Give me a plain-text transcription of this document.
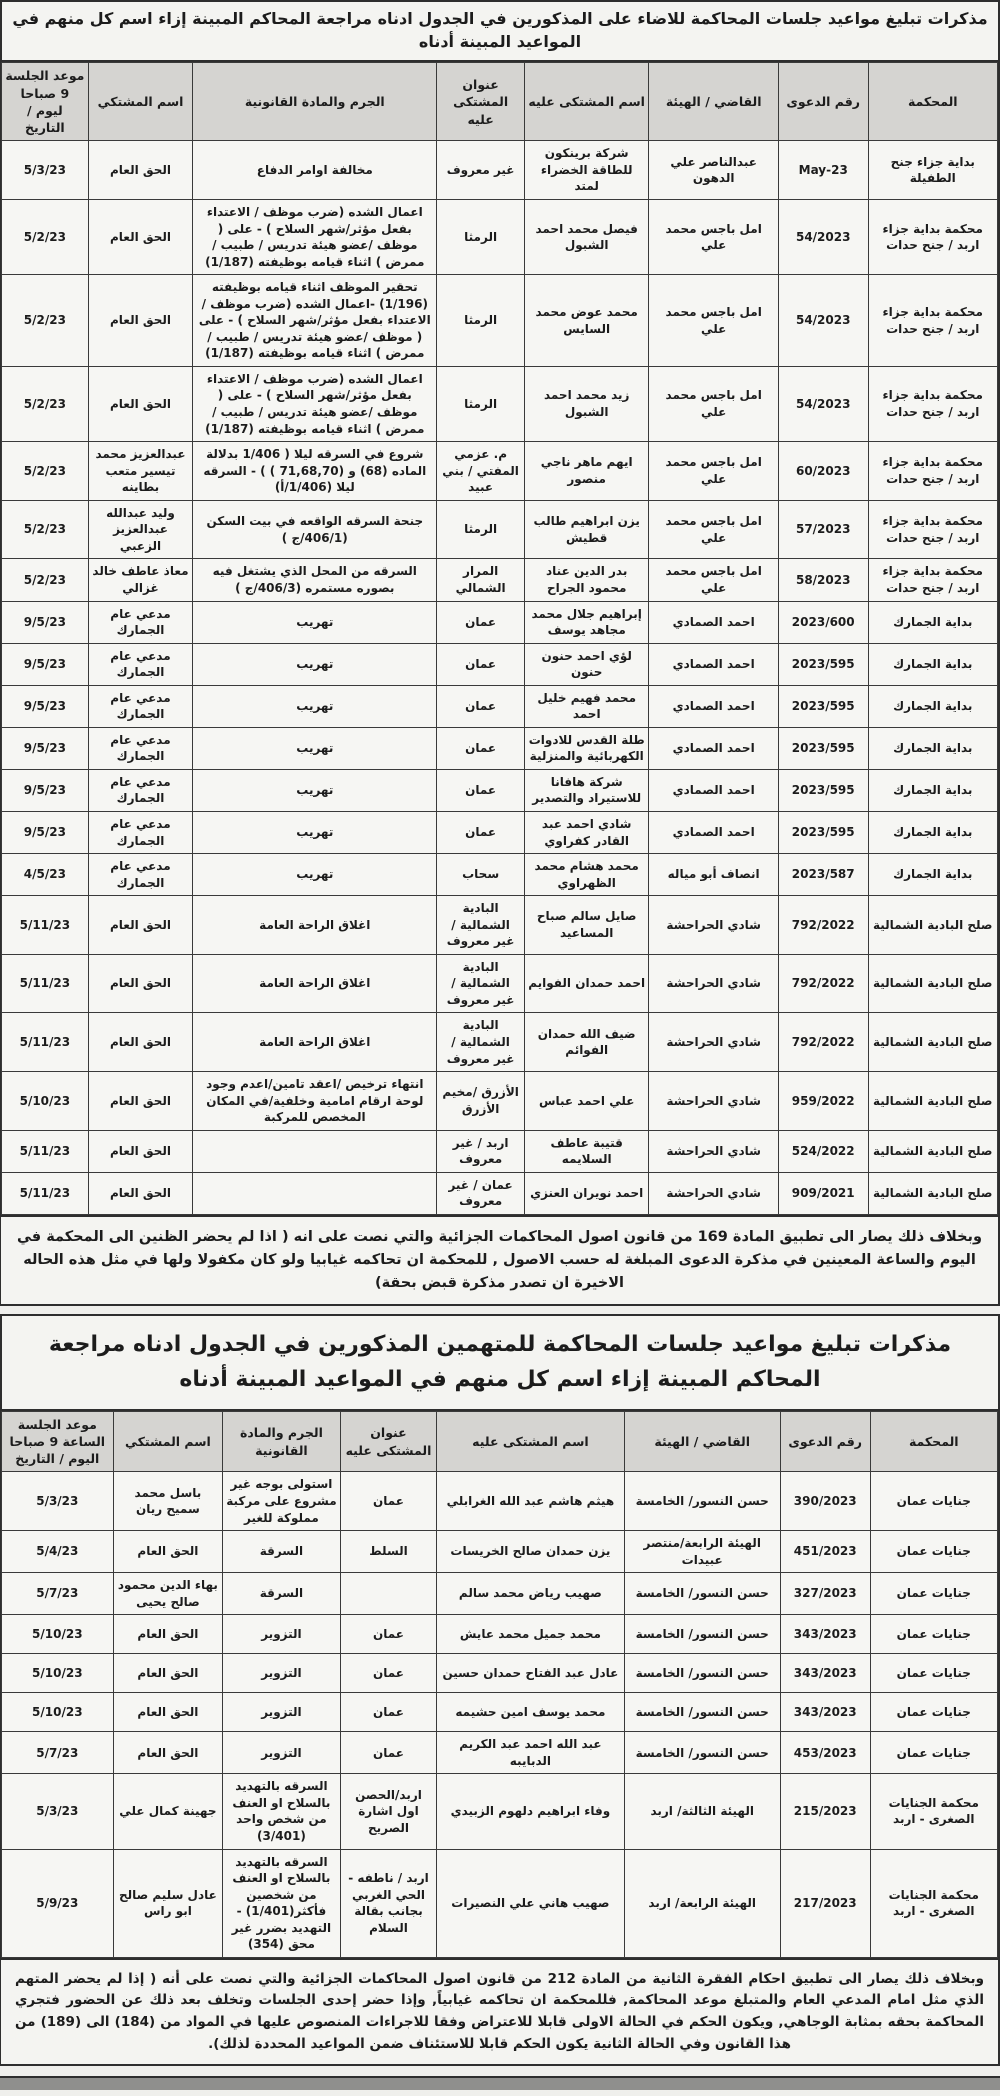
مذكرات تبليغ مواعيد جلسات المحاكمة للاضاء على المذكورين في الجدول ادناه مراجعة المحاكم المبينة إزاء اسم كل منهم في المواعيد المبينة أدناه
المحكمة	رقم الدعوى	القاضي / الهيئة	اسم المشتكى عليه	عنوان المشتكى عليه	الجرم والمادة القانونية	اسم المشتكي	موعد الجلسة 9 صباحا ليوم / التاريخ
بداية جزاء جنح الطفيلة	May-23	عبدالناصر علي الدهون	شركة برينكون للطاقة الخضراء لمتد	غير معروف	مخالفة اوامر الدفاع	الحق العام	5/3/23
محكمة بداية جزاء اربد / جنح حدات	54/2023	امل باجس محمد علي	فيصل محمد احمد الشبول	الرمثا	اعمال الشده (ضرب موظف / الاعتداء بفعل مؤثر/شهر السلاح ) - على ( موظف /عضو هيئة تدريس / طبيب / ممرض ) اثناء قيامه بوظيفته (1/187)	الحق العام	5/2/23
محكمة بداية جزاء اربد / جنح حدات	54/2023	امل باجس محمد علي	محمد عوض محمد السايس	الرمثا	تحقير الموظف اثناء قيامه بوظيفته (1/196) -اعمال الشده (ضرب موظف / الاعتداء بفعل مؤثر/شهر السلاح ) - على ( موظف /عضو هيئة تدريس / طبيب / ممرض ) اثناء قيامه بوظيفته (1/187)	الحق العام	5/2/23
محكمة بداية جزاء اربد / جنح حدات	54/2023	امل باجس محمد علي	زيد محمد احمد الشبول	الرمثا	اعمال الشده (ضرب موظف / الاعتداء بفعل مؤثر/شهر السلاح ) - على ( موظف /عضو هيئة تدريس / طبيب / ممرض ) اثناء قيامه بوظيفته (1/187)	الحق العام	5/2/23
محكمة بداية جزاء اربد / جنح حدات	60/2023	امل باجس محمد علي	ايهم ماهر ناجي منصور	م. عزمي المفتي / بني عبيد	شروع في السرقه ليلا ( 1/406 بدلالة الماده (68) و (71,68,70 ) ) - السرقه ليلا (1/406/أ)	عبدالعزيز محمد تيسير متعب بطاينه	5/2/23
محكمة بداية جزاء اربد / جنح حدات	57/2023	امل باجس محمد علي	يزن ابراهيم طالب قطيش	الرمثا	جنحة السرقه الواقعه في بيت السكن (406/1/ج )	وليد عبدالله عبدالعزيز الزعبي	5/2/23
محكمة بداية جزاء اربد / جنح حدات	58/2023	امل باجس محمد علي	بدر الدين عناد محمود الجراح	المرار الشمالي	السرقه من المحل الذي يشتغل فيه بصوره مستمره (406/3/ج )	معاذ عاطف خالد غزالي	5/2/23
بداية الجمارك	2023/600	احمد الصمادي	إبراهيم جلال محمد مجاهد يوسف	عمان	تهريب	مدعي عام الجمارك	9/5/23
بداية الجمارك	2023/595	احمد الصمادي	لؤي احمد حنون حنون	عمان	تهريب	مدعي عام الجمارك	9/5/23
بداية الجمارك	2023/595	احمد الصمادي	محمد فهيم خليل احمد	عمان	تهريب	مدعي عام الجمارك	9/5/23
بداية الجمارك	2023/595	احمد الصمادي	طلة القدس للادوات الكهربائية والمنزلية	عمان	تهريب	مدعي عام الجمارك	9/5/23
بداية الجمارك	2023/595	احمد الصمادي	شركة هافانا للاستيراد والتصدير	عمان	تهريب	مدعي عام الجمارك	9/5/23
بداية الجمارك	2023/595	احمد الصمادي	شادي احمد عبد القادر كفراوي	عمان	تهريب	مدعي عام الجمارك	9/5/23
بداية الجمارك	2023/587	انصاف أبو مياله	محمد هشام محمد الظهراوي	سحاب	تهريب	مدعي عام الجمارك	4/5/23
صلح البادية الشمالية	792/2022	شادي الحراحشة	صايل سالم صباح المساعيد	البادية الشمالية / غير معروف	اغلاق الراحة العامة	الحق العام	5/11/23
صلح البادية الشمالية	792/2022	شادي الحراحشة	احمد حمدان الفوايم	البادية الشمالية / غير معروف	اغلاق الراحة العامة	الحق العام	5/11/23
صلح البادية الشمالية	792/2022	شادي الحراحشة	ضيف الله حمدان الفوائم	البادية الشمالية / غير معروف	اغلاق الراحة العامة	الحق العام	5/11/23
صلح البادية الشمالية	959/2022	شادي الحراحشة	علي احمد عباس	الأزرق /مخيم الأزرق	انتهاء ترخيص /اعقد تامين/اعدم وجود لوحة ارقام امامية وخلفية/في المكان المخصص للمركبة	الحق العام	5/10/23
صلح البادية الشمالية	524/2022	شادي الحراحشة	قتيبة عاطف السلايمه	اربد / غير معروف		الحق العام	5/11/23
صلح البادية الشمالية	909/2021	شادي الحراحشة	احمد نويران العنزي	عمان / غير معروف		الحق العام	5/11/23
وبخلاف ذلك يصار الى تطبيق المادة 169 من قانون اصول المحاكمات الجزائية والتي نصت على انه ( اذا لم يحضر الظنين الى المحكمة في اليوم والساعة المعينين في مذكرة الدعوى المبلغة له حسب الاصول , للمحكمة ان تحاكمه غيابيا ولو كان مكفولا ولها في مثل هذه الحاله الاخيرة ان تصدر مذكرة قبض بحقة)
مذكرات تبليغ مواعيد جلسات المحاكمة للمتهمين المذكورين في الجدول ادناه مراجعة المحاكم المبينة إزاء اسم كل منهم في المواعيد المبينة أدناه
المحكمة	رقم الدعوى	القاضي / الهيئة	اسم المشتكى عليه	عنوان المشتكى عليه	الجرم والمادة القانونية	اسم المشتكي	موعد الجلسة الساعة 9 صباحا اليوم / التاريخ
جنايات عمان	390/2023	حسن النسور/ الخامسة	هيثم هاشم عبد الله الغرابلي	عمان	استولى بوجه غير مشروع على مركبة مملوكة للغير	باسل محمد سميح ريان	5/3/23
جنايات عمان	451/2023	الهيئة الرابعة/منتصر عبيدات	يزن حمدان صالح الخريسات	السلط	السرقة	الحق العام	5/4/23
جنايات عمان	327/2023	حسن النسور/ الخامسة	صهيب رياض محمد سالم		السرقة	بهاء الدين محمود صالح يحيى	5/7/23
جنايات عمان	343/2023	حسن النسور/ الخامسة	محمد جميل محمد عايش	عمان	التزوير	الحق العام	5/10/23
جنايات عمان	343/2023	حسن النسور/ الخامسة	عادل عبد الفتاح حمدان حسين	عمان	التزوير	الحق العام	5/10/23
جنايات عمان	343/2023	حسن النسور/ الخامسة	محمد يوسف امين حشيمه	عمان	التزوير	الحق العام	5/10/23
جنايات عمان	453/2023	حسن النسور/ الخامسة	عبد الله احمد عبد الكريم الدبايبه	عمان	التزوير	الحق العام	5/7/23
محكمة الجنايات الصغرى - اربد	215/2023	الهيئة الثالثة/ اربد	وفاء ابراهيم دلهوم الزبيدي	اربد/الحصن اول اشارة الصريح	السرقه بالتهديد بالسلاح او العنف من شخص واحد (3/401)	جهينة كمال علي	5/3/23
محكمة الجنايات الصغرى - اربد	217/2023	الهيئة الرابعة/ اربد	صهيب هاني علي النصيرات	اربد / ناطفه - الحي الغربي بجانب بقالة السلام	السرقه بالتهديد بالسلاح او العنف من شخصين فأكثر(1/401) - التهديد بضرر غير محق (354)	عادل سليم صالح ابو راس	5/9/23
وبخلاف ذلك يصار الى تطبيق احكام الفقرة الثانية من المادة 212 من قانون اصول المحاكمات الجزائية والتي نصت على أنه ( إذا لم يحضر المتهم الذي مثل امام المدعي العام والمتبلغ موعد المحاكمة, فللمحكمة ان تحاكمه غيابياً, وإذا حضر إحدى الجلسات وتخلف بعد ذلك عن الحضور فتجري المحاكمة بحقه بمثابة الوجاهي, ويكون الحكم في الحالة الاولى قابلا للاعتراض وفقا للاجراءات المنصوص عليها في المواد من (184) الى (189) من هذا القانون وفي الحالة الثانية يكون الحكم قابلا للاستئناف ضمن المواعيد المحددة لذلك).
